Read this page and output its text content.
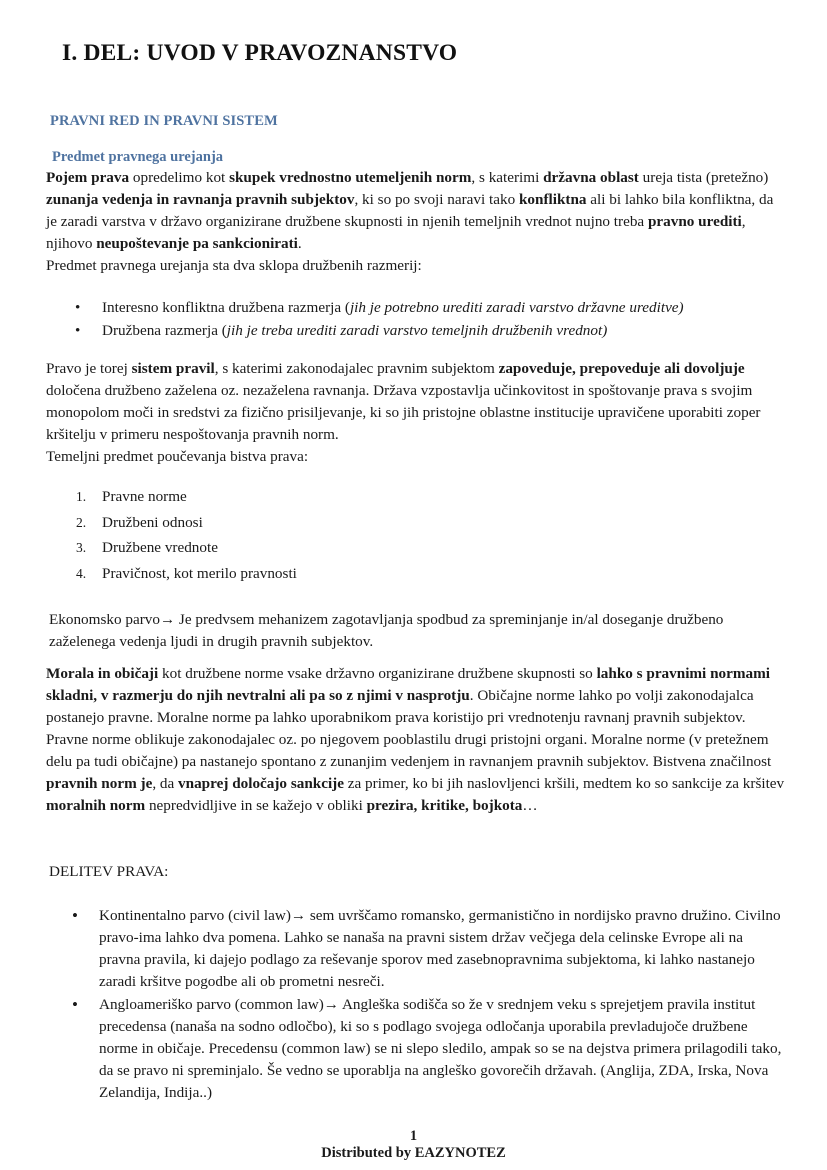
I. DEL: UVOD V PRAVOZNANSTVO
PRAVNI RED IN PRAVNI SISTEM
Predmet pravnega urejanja

Pojem prava opredelimo kot skupek vrednostno utemeljenih norm, s katerimi državna oblast ureja tista (pretežno) zunanja vedenja in ravnanja pravnih subjektov, ki so po svoji naravi tako konfliktna ali bi lahko bila konfliktna, da je zaradi varstva v državo organizirane družbene skupnosti in njenih temeljnih vrednot nujno treba pravno urediti, njihovo neupoštevanje pa sankcionirati.

Predmet pravnega urejanja sta dva sklopa družbenih razmerij:

• Interesno konfliktna družbena razmerja (jih je potrebno urediti zaradi varstvo državne ureditve)
• Družbena razmerja (jih je treba urediti zaradi varstvo temeljnih družbenih vrednot)

Pravo je torej sistem pravil, s katerimi zakonodajalec pravnim subjektom zapoveduje, prepoveduje ali dovoljuje določena družbeno zaželena oz. nezaželena ravnanja. Država vzpostavlja učinkovitost in spoštovanje prava s svojim monopolom moči in sredstvi za fizično prisiljevanje, ki so jih pristojne oblastne institucije upravičene uporabiti zoper kršitelju v primeru nespoštovanja pravnih norm.

Temeljni predmet poučevanja bistva prava:

1. Pravne norme
2. Družbeni odnosi
3. Družbene vrednote
4. Pravičnost, kot merilo pravnosti

Ekonomsko parvo→ Je predvsem mehanizem zagotavljanja spodbud za spreminjanje in/al doseganje družbeno zaželenega vedenja ljudi in drugih pravnih subjektov.

Morala in običaji kot družbene norme vsake državno organizirane družbene skupnosti so lahko s pravnimi normami skladni, v razmerju do njih nevtralni ali pa so z njimi v nasprotju. Običajne norme lahko po volji zakonodajalca postanejo pravne. Moralne norme pa lahko uporabnikom prava koristijo pri vrednotenju ravnanj pravnih subjektov. Pravne norme oblikuje zakonodajalec oz. po njegovem pooblastilu drugi pristojni organi. Moralne norme (v pretežnem delu pa tudi običajne) pa nastanejo spontano z zunanjim vedenjem in ravnanjem pravnih subjektov. Bistvena značilnost pravnih norm je, da vnaprej določajo sankcije za primer, ko bi jih naslovljenci kršili, medtem ko so sankcije za kršitev moralnih norm nepredvidljive in se kažejo v obliki prezira, kritike, bojkota…

DELITEV PRAVA:

• Kontinentalno parvo (civil law)→ sem uvrščamo romansko, germanistično in nordijsko pravno družino. Civilno pravo-ima lahko dva pomena. Lahko se nanaša na pravni sistem držav večjega dela celinske Evrope ali na pravna pravila, ki dajejo podlago za reševanje sporov med zasebnopravnima subjektoma, ki lahko nastanejo zaradi kršitve pogodbe ali ob prometni nesreči.
• Angloameriško parvo (common law)→ Angleška sodišča so že v srednjem veku s sprejetjem pravila institut precedensa (nanaša na sodno odločbo), ki so s podlago svojega odločanja uporabila prevladujoče družbene norme in običaje. Precedensu (common law) se ni slepo sledilo, ampak so se na dejstva primera prilagodili tako, da se pravo ni spreminjalo. Še vedno se uporablja na angleško govorečih državah. (Anglija, ZDA, Irska, Nova Zelandija, Indija..)
1
Distributed by EAZYNOTEZ
